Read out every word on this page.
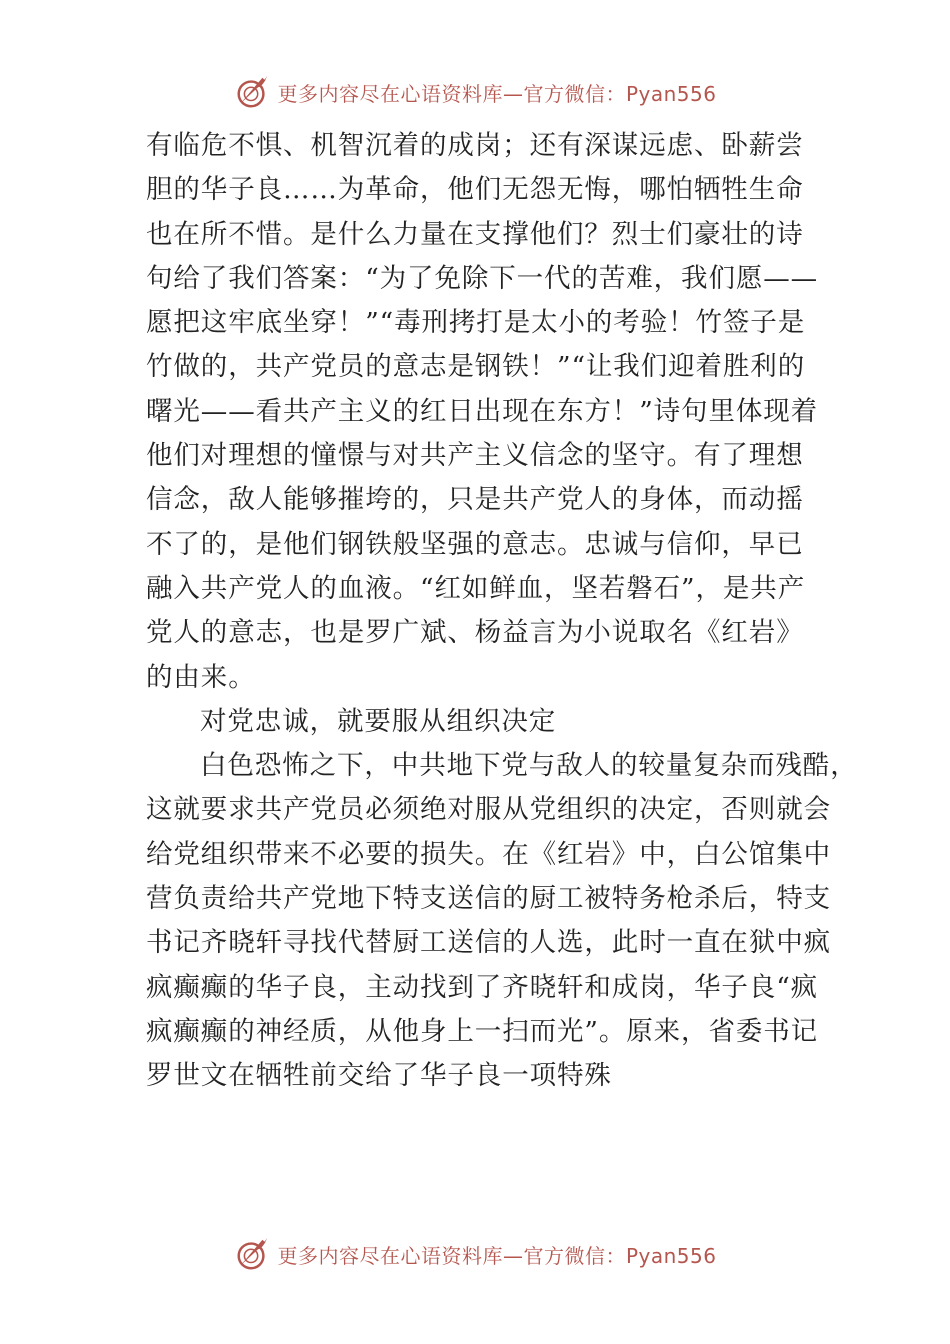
更多内容尽在心语资料库—官方微信：Pyan556
有临危不惧、机智沉着的成岗；还有深谋远虑、卧薪尝
胆的华子良……为革命，他们无怨无悔，哪怕牺牲生命
也在所不惜。是什么力量在支撑他们？烈士们豪壮的诗
句给了我们答案：“为了免除下一代的苦难，我们愿——
愿把这牢底坐穿！”“毒刑拷打是太小的考验！竹签子是
竹做的，共产党员的意志是钢铁！”“让我们迎着胜利的
曙光——看共产主义的红日出现在东方！”诗句里体现着
他们对理想的憧憬与对共产主义信念的坚守。有了理想
信念，敌人能够摧垮的，只是共产党人的身体，而动摇
不了的，是他们钢铁般坚强的意志。忠诚与信仰，早已
融入共产党人的血液。“红如鲜血，坚若磐石”，是共产
党人的意志，也是罗广斌、杨益言为小说取名《红岩》
的由来。
对党忠诚，就要服从组织决定
白色恐怖之下，中共地下党与敌人的较量复杂而残酷，
这就要求共产党员必须绝对服从党组织的决定，否则就会
给党组织带来不必要的损失。在《红岩》中，白公馆集中
营负责给共产党地下特支送信的厨工被特务枪杀后，特支
书记齐晓轩寻找代替厨工送信的人选，此时一直在狱中疯
疯癫癫的华子良，主动找到了齐晓轩和成岗，华子良“疯
疯癫癫的神经质，从他身上一扫而光”。原来，省委书记
罗世文在牺牲前交给了华子良一项特殊
更多内容尽在心语资料库—官方微信：Pyan556
